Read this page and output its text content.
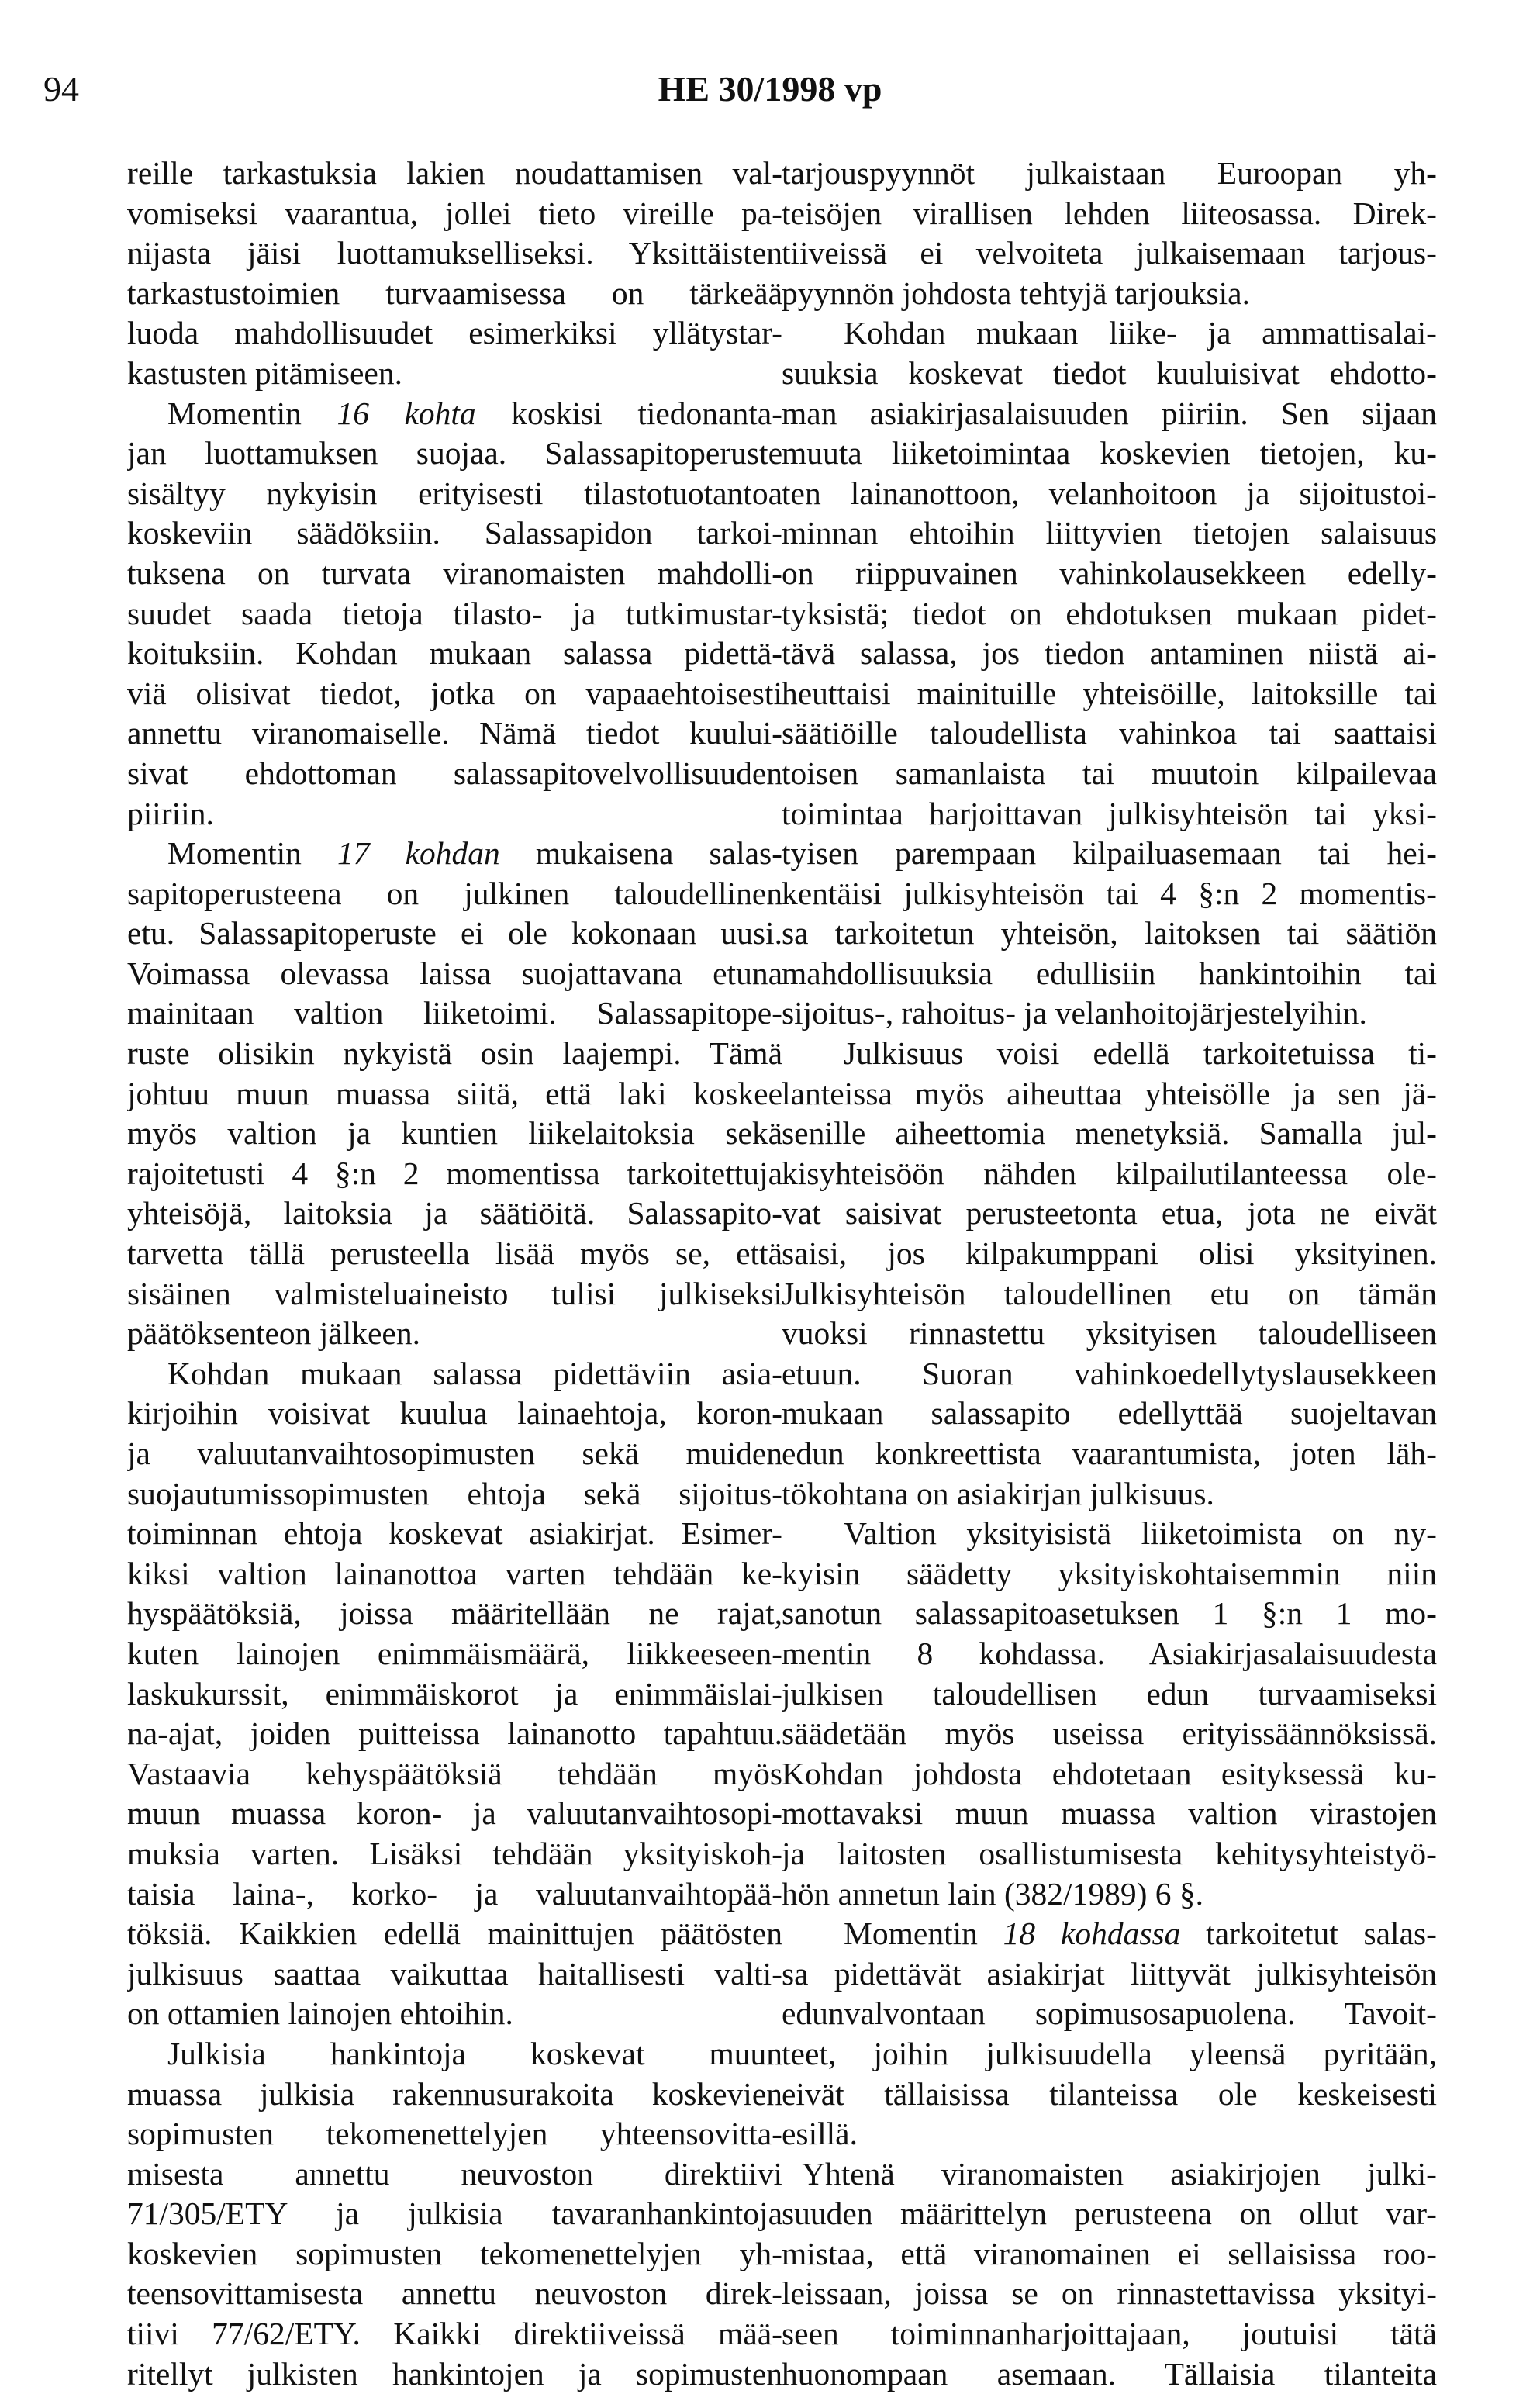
94	HE 30/1998 vp
reille tarkastuksia lakien noudattamisen val-
vomiseksi vaarantua, jollei tieto vireille pa-
nijasta jäisi luottamukselliseksi. Yksittäisten
tarkastustoimien turvaamisessa on tärkeää
luoda mahdollisuudet esimerkiksi yllätystar-
kastusten pitämiseen.
Momentin 16 kohta koskisi tiedonanta-
jan luottamuksen suojaa. Salassapitoperuste
sisältyy nykyisin erityisesti tilastotuotantoa
koskeviin säädöksiin. Salassapidon tarkoi-
tuksena on turvata viranomaisten mahdolli-
suudet saada tietoja tilasto- ja tutkimustar-
koituksiin. Kohdan mukaan salassa pidettä-
viä olisivat tiedot, jotka on vapaaehtoisesti
annettu viranomaiselle. Nämä tiedot kuului-
sivat ehdottoman salassapitovelvollisuuden
piiriin.
Momentin 17 kohdan mukaisena salas-
sapitoperusteena on julkinen taloudellinen
etu. Salassapitoperuste ei ole kokonaan uusi.
Voimassa olevassa laissa suojattavana etuna
mainitaan valtion liiketoimi. Salassapitope-
ruste olisikin nykyistä osin laajempi. Tämä
johtuu muun muassa siitä, että laki koskee
myös valtion ja kuntien liikelaitoksia sekä
rajoitetusti 4 §:n 2 momentissa tarkoitettuja
yhteisöjä, laitoksia ja säätiöitä. Salassapito-
tarvetta tällä perusteella lisää myös se, että
sisäinen valmisteluaineisto tulisi julkiseksi
päätöksenteon jälkeen.
Kohdan mukaan salassa pidettäviin asia-
kirjoihin voisivat kuulua lainaehtoja, koron-
ja valuutanvaihtosopimusten sekä muiden
suojautumissopimusten ehtoja sekä sijoitus-
toiminnan ehtoja koskevat asiakirjat. Esimer-
kiksi valtion lainanottoa varten tehdään ke-
hyspäätöksiä, joissa määritellään ne rajat,
kuten lainojen enimmäismäärä, liikkeeseen-
laskukurssit, enimmäiskorot ja enimmäislai-
na-ajat, joiden puitteissa lainanotto tapahtuu.
Vastaavia kehyspäätöksiä tehdään myös
muun muassa koron- ja valuutanvaihtosopi-
muksia varten. Lisäksi tehdään yksityiskoh-
taisia laina-, korko- ja valuutanvaihtopää-
töksiä. Kaikkien edellä mainittujen päätösten
julkisuus saattaa vaikuttaa haitallisesti valti-
on ottamien lainojen ehtoihin.
Julkisia hankintoja koskevat muun
muassa julkisia rakennusurakoita koskevien
sopimusten tekomenettelyjen yhteensovitta-
misesta annettu neuvoston direktiivi
71/305/ETY ja julkisia tavaranhankintoja
koskevien sopimusten tekomenettelyjen yh-
teensovittamisesta annettu neuvoston direk-
tiivi 77/62/ETY. Kaikki direktiiveissä mää-
ritellyt julkisten hankintojen ja sopimusten
tarjouspyynnöt julkaistaan Euroopan yh-
teisöjen virallisen lehden liiteosassa. Direk-
tiiveissä ei velvoiteta julkaisemaan tarjous-
pyynnön johdosta tehtyjä tarjouksia.
Kohdan mukaan liike- ja ammattisalai-
suuksia koskevat tiedot kuuluisivat ehdotto-
man asiakirjasalaisuuden piiriin. Sen sijaan
muuta liiketoimintaa koskevien tietojen, ku-
ten lainanottoon, velanhoitoon ja sijoitustoi-
minnan ehtoihin liittyvien tietojen salaisuus
on riippuvainen vahinkolausekkeen edelly-
tyksistä; tiedot on ehdotuksen mukaan pidet-
tävä salassa, jos tiedon antaminen niistä ai-
heuttaisi mainituille yhteisöille, laitoksille tai
säätiöille taloudellista vahinkoa tai saattaisi
toisen samanlaista tai muutoin kilpailevaa
toimintaa harjoittavan julkisyhteisön tai yksi-
tyisen parempaan kilpailuasemaan tai hei-
kentäisi julkisyhteisön tai 4 §:n 2 momentis-
sa tarkoitetun yhteisön, laitoksen tai säätiön
mahdollisuuksia edullisiin hankintoihin tai
sijoitus-, rahoitus- ja velanhoitojärjestelyihin.
Julkisuus voisi edellä tarkoitetuissa ti-
lanteissa myös aiheuttaa yhteisölle ja sen jä-
senille aiheettomia menetyksiä. Samalla jul-
kisyhteisöön nähden kilpailutilanteessa ole-
vat saisivat perusteetonta etua, jota ne eivät
saisi, jos kilpakumppani olisi yksityinen.
Julkisyhteisön taloudellinen etu on tämän
vuoksi rinnastettu yksityisen taloudelliseen
etuun. Suoran vahinkoedellytyslausekkeen
mukaan salassapito edellyttää suojeltavan
edun konkreettista vaarantumista, joten läh-
tökohtana on asiakirjan julkisuus.
Valtion yksityisistä liiketoimista on ny-
kyisin säädetty yksityiskohtaisemmin niin
sanotun salassapitoasetuksen 1 §:n 1 mo-
mentin 8 kohdassa. Asiakirjasalaisuudesta
julkisen taloudellisen edun turvaamiseksi
säädetään myös useissa erityissäännöksissä.
Kohdan johdosta ehdotetaan esityksessä ku-
mottavaksi muun muassa valtion virastojen
ja laitosten osallistumisesta kehitysyhteistyö-
hön annetun lain (382/1989) 6 §.
Momentin 18 kohdassa tarkoitetut salas-
sa pidettävät asiakirjat liittyvät julkisyhteisön
edunvalvontaan sopimusosapuolena. Tavoit-
teet, joihin julkisuudella yleensä pyritään,
eivät tällaisissa tilanteissa ole keskeisesti
esillä.
Yhtenä viranomaisten asiakirjojen julki-
suuden määrittelyn perusteena on ollut var-
mistaa, että viranomainen ei sellaisissa roo-
leissaan, joissa se on rinnastettavissa yksityi-
seen toiminnanharjoittajaan, joutuisi tätä
huonompaan asemaan. Tällaisia tilanteita
